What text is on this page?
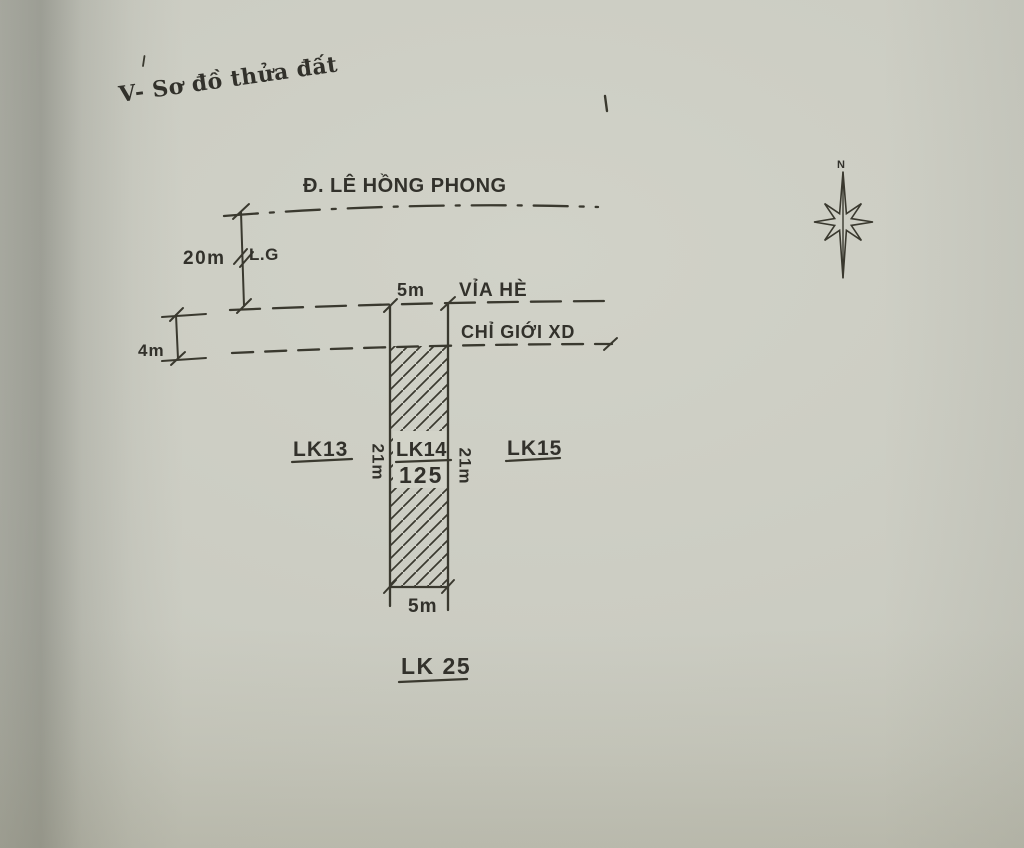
V- Sơ đồ thửa đất
Đ. LÊ HỒNG PHONG
20m L.G
5m VỈA HÈ
CHỈ GIỚI XD
4m
LK13 21m LK14
125 21m LK15
5m
LK 25
N
